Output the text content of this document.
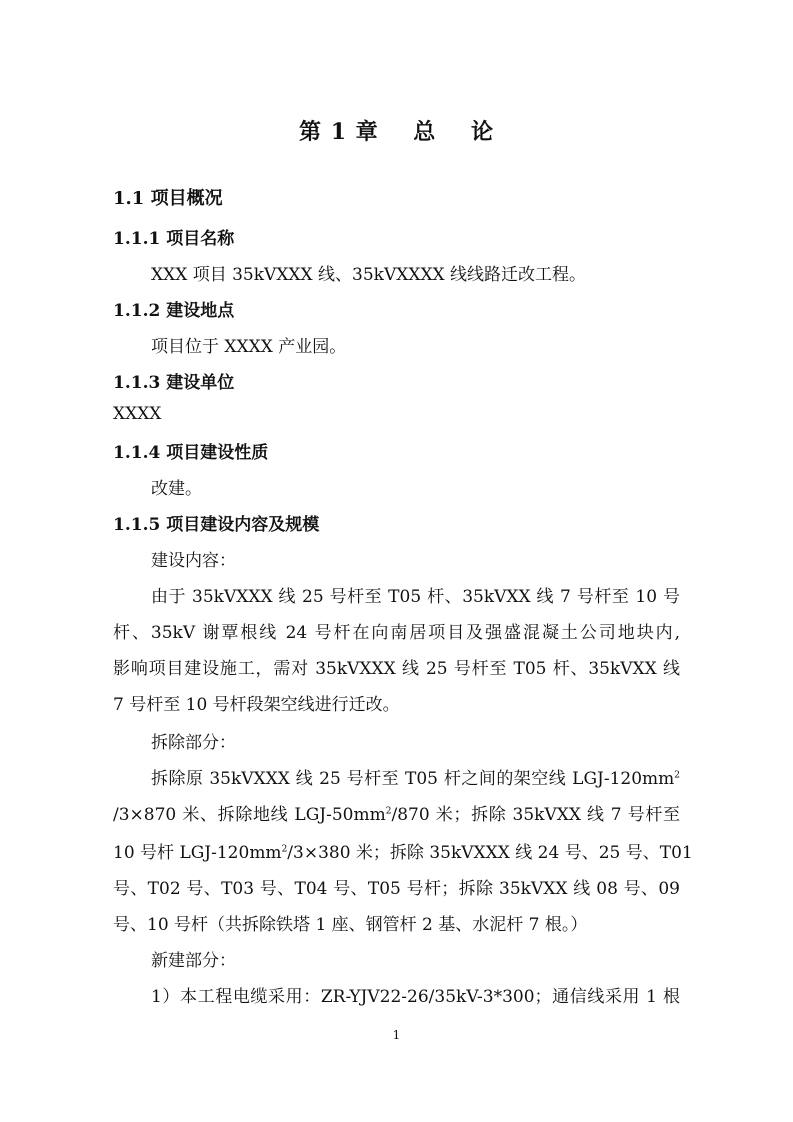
第 1 章    总    论
1.1 项目概况
1.1.1 项目名称

XXX 项目 35kVXXX 线、35kVXXXX 线线路迁改工程。

1.1.2 建设地点

项目位于 XXXX 产业园。

1.1.3 建设单位

XXXX

1.1.4 项目建设性质

改建。

1.1.5 项目建设内容及规模

建设内容：

由于 35kVXXX 线 25 号杆至 T05 杆、35kVXX 线 7 号杆至 10 号

杆、35kV 谢覃根线 24 号杆在向南居项目及强盛混凝土公司地块内,

影响项目建设施工，需对 35kVXXX 线 25 号杆至 T05 杆、35kVXX 线

7 号杆至 10 号杆段架空线进行迁改。

拆除部分：

拆除原 35kVXXX 线 25 号杆至 T05 杆之间的架空线 LGJ-$120mm^2$

/3×870 米、拆除地线 LGJ-$50mm^2/870$ 米；拆除 35kVXX 线 7 号杆至

10 号杆 LGJ-$120mm^2/3\times 380$ 米；拆除 35kVXXX 线 24 号、25 号、T01

号、T02 号、T03 号、T04 号、T05 号杆；拆除 35kVXX 线 08 号、09

号、10 号杆（共拆除铁塔 1 座、钢管杆 2 基、水泥杆 7 根。）

新建部分：

1）本工程电缆采用：ZR-YJV22-26/35kV-3*300；通信线采用 1 根

1
